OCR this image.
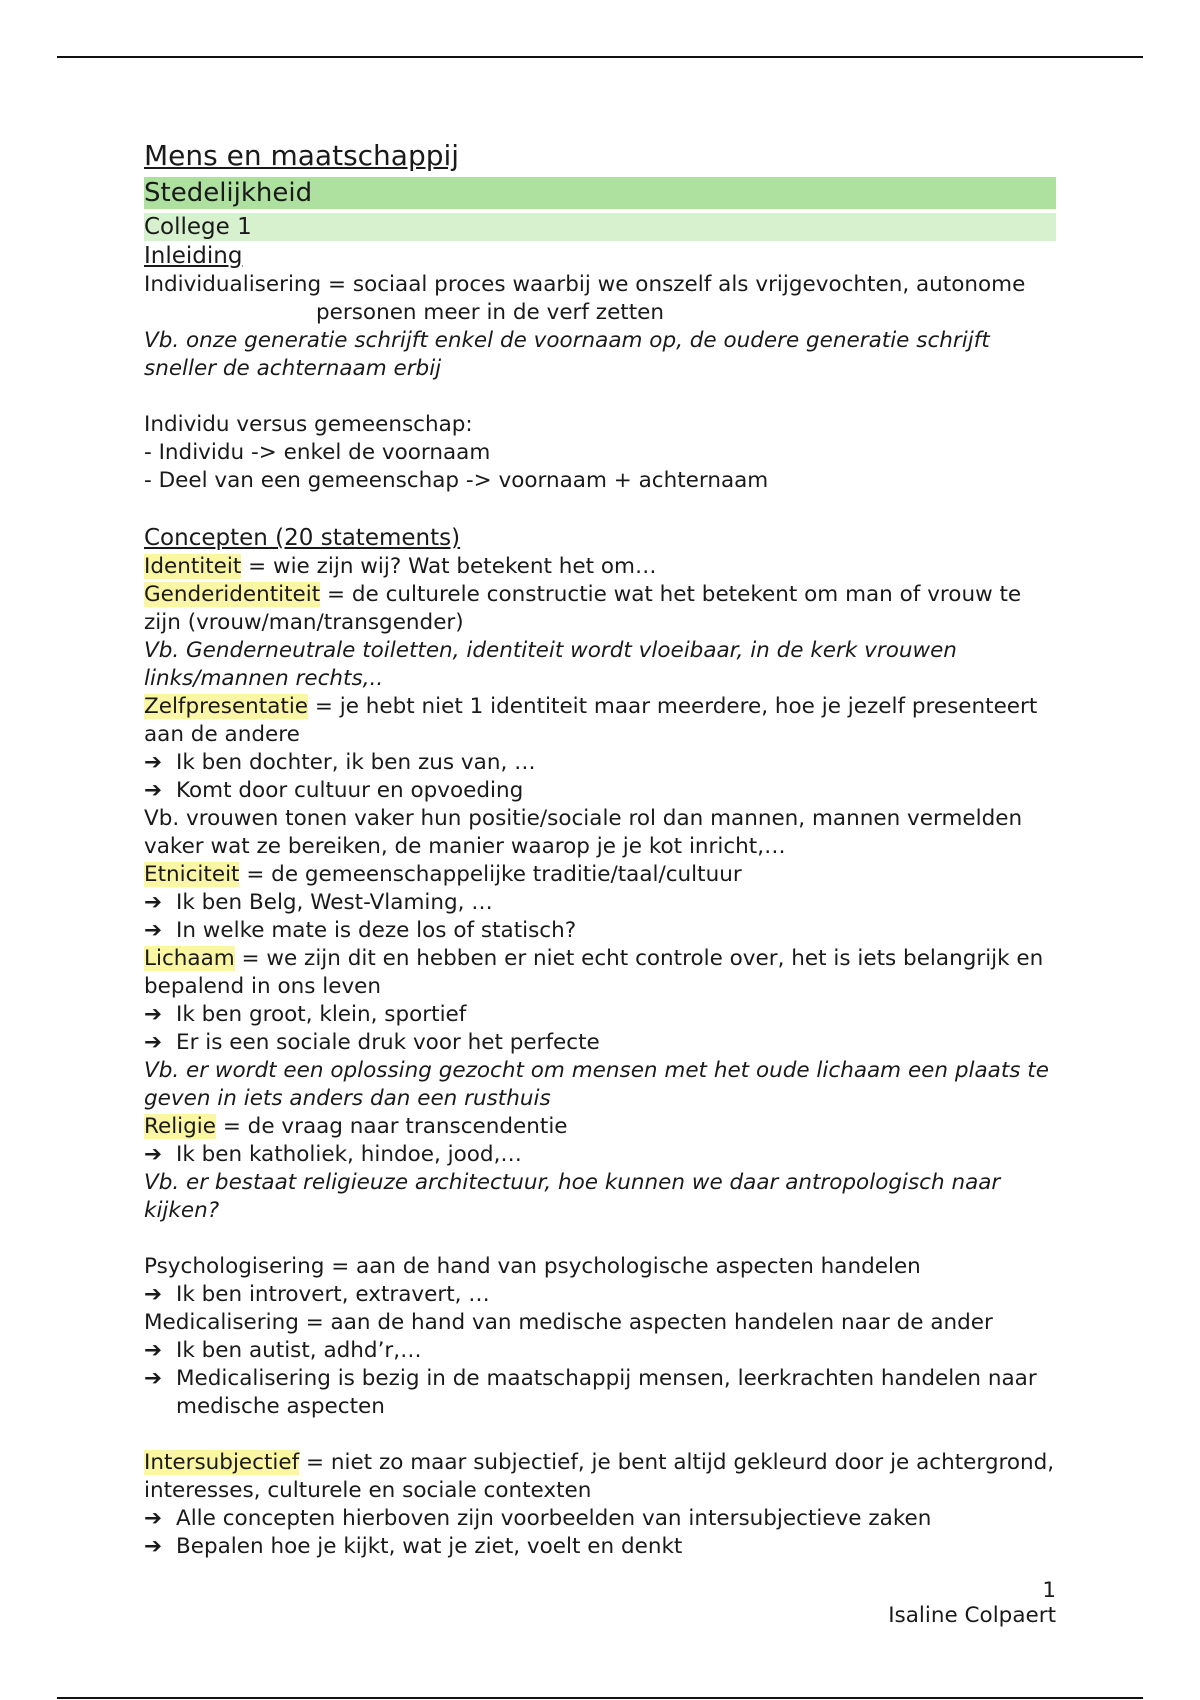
Mens en maatschappij
Stedelijkheid
College 1
Inleiding
Individualisering = sociaal proces waarbij we onszelf als vrijgevochten, autonome
personen meer in de verf zetten
Vb. onze generatie schrijft enkel de voornaam op, de oudere generatie schrijft sneller de achternaam erbij
Individu versus gemeenschap:
- Individu -> enkel de voornaam
- Deel van een gemeenschap -> voornaam + achternaam
Concepten (20 statements)
Identiteit = wie zijn wij? Wat betekent het om…
Genderidentiteit = de culturele constructie wat het betekent om man of vrouw te zijn (vrouw/man/transgender)
Vb. Genderneutrale toiletten, identiteit wordt vloeibaar, in de kerk vrouwen links/mannen rechts,..
Zelfpresentatie = je hebt niet 1 identiteit maar meerdere, hoe je jezelf presenteert aan de andere
➔ Ik ben dochter, ik ben zus van, …
➔ Komt door cultuur en opvoeding
Vb. vrouwen tonen vaker hun positie/sociale rol dan mannen, mannen vermelden vaker wat ze bereiken, de manier waarop je je kot inricht,…
Etniciteit = de gemeenschappelijke traditie/taal/cultuur
➔ Ik ben Belg, West-Vlaming, …
➔ In welke mate is deze los of statisch?
Lichaam = we zijn dit en hebben er niet echt controle over, het is iets belangrijk en bepalend in ons leven
➔ Ik ben groot, klein, sportief
➔ Er is een sociale druk voor het perfecte
Vb. er wordt een oplossing gezocht om mensen met het oude lichaam een plaats te geven in iets anders dan een rusthuis
Religie = de vraag naar transcendentie
➔ Ik ben katholiek, hindoe, jood,…
Vb. er bestaat religieuze architectuur, hoe kunnen we daar antropologisch naar kijken?
Psychologisering = aan de hand van psychologische aspecten handelen
➔ Ik ben introvert, extravert, …
Medicalisering = aan de hand van medische aspecten handelen naar de ander
➔ Ik ben autist, adhd’r,…
➔ Medicalisering is bezig in de maatschappij mensen, leerkrachten handelen naar medische aspecten
Intersubjectief = niet zo maar subjectief, je bent altijd gekleurd door je achtergrond, interesses, culturele en sociale contexten
➔ Alle concepten hierboven zijn voorbeelden van intersubjectieve zaken
➔ Bepalen hoe je kijkt, wat je ziet, voelt en denkt
1
Isaline Colpaert
